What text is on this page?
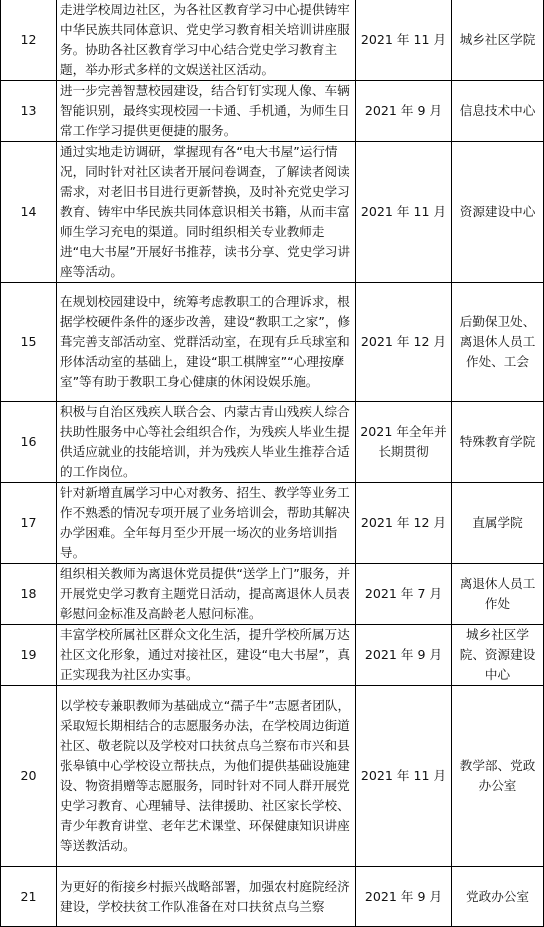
12	走进学校周边社区，为各社区教育学习中心提供铸牢中华民族共同体意识、党史学习教育相关培训讲座服务。协助各社区教育学习中心结合党史学习教育主题，举办形式多样的文娱送社区活动。	2021 年 11 月	城乡社区学院
13	进一步完善智慧校园建设，结合钉钉实现人像、车辆智能识别，最终实现校园一卡通、手机通，为师生日常工作学习提供更便捷的服务。	2021 年 9 月	信息技术中心
14	通过实地走访调研，掌握现有各“电大书屋”运行情况，同时针对社区读者开展问卷调查，了解读者阅读需求，对老旧书目进行更新替换，及时补充党史学习教育、铸牢中华民族共同体意识相关书籍，从而丰富师生学习充电的渠道。同时组织相关专业教师走进“电大书屋”开展好书推荐，读书分享、党史学习讲座等活动。	2021 年 11 月	资源建设中心
15	在规划校园建设中，统筹考虑教职工的合理诉求，根据学校硬件条件的逐步改善，建设“教职工之家”，修葺完善支部活动室、党群活动室，在现有乒乓球室和形体活动室的基础上，建设“职工棋牌室”“心理按摩室”等有助于教职工身心健康的休闲设娱乐施。	2021 年 12 月	后勤保卫处、离退休人员工作处、工会
16	积极与自治区残疾人联合会、内蒙古青山残疾人综合扶助性服务中心等社会组织合作，为残疾人毕业生提供适应就业的技能培训，并为残疾人毕业生推荐合适的工作岗位。	2021 年全年并长期贯彻	特殊教育学院
17	针对新增直属学习中心对教务、招生、教学等业务工作不熟悉的情况专项开展了业务培训会，帮助其解决办学困难。全年每月至少开展一场次的业务培训指导。	2021 年 12 月	直属学院
18	组织相关教师为离退休党员提供“送学上门”服务，并开展党史学习教育主题党日活动，提高离退休人员表彰慰问金标准及高龄老人慰问标准。	2021 年 7 月	离退休人员工作处
19	丰富学校所属社区群众文化生活，提升学校所属万达社区文化形象，通过对接社区，建设“电大书屋”，真正实现我为社区办实事。	2021 年 9 月	城乡社区学院、资源建设中心
20	以学校专兼职教师为基础成立“孺子牛”志愿者团队，采取短长期相结合的志愿服务办法，在学校周边街道社区、敬老院以及学校对口扶贫点乌兰察布市兴和县张皋镇中心学校设立帮扶点，为他们提供基础设施建设、物资捐赠等志愿服务，同时针对不同人群开展党史学习教育、心理辅导、法律援助、社区家长学校、青少年教育讲堂、老年艺术课堂、环保健康知识讲座等送教活动。	2021 年 11 月	教学部、党政办公室
21	为更好的衔接乡村振兴战略部署，加强农村庭院经济建设，学校扶贫工作队准备在对口扶贫点乌兰察	2021 年 9 月	党政办公室
